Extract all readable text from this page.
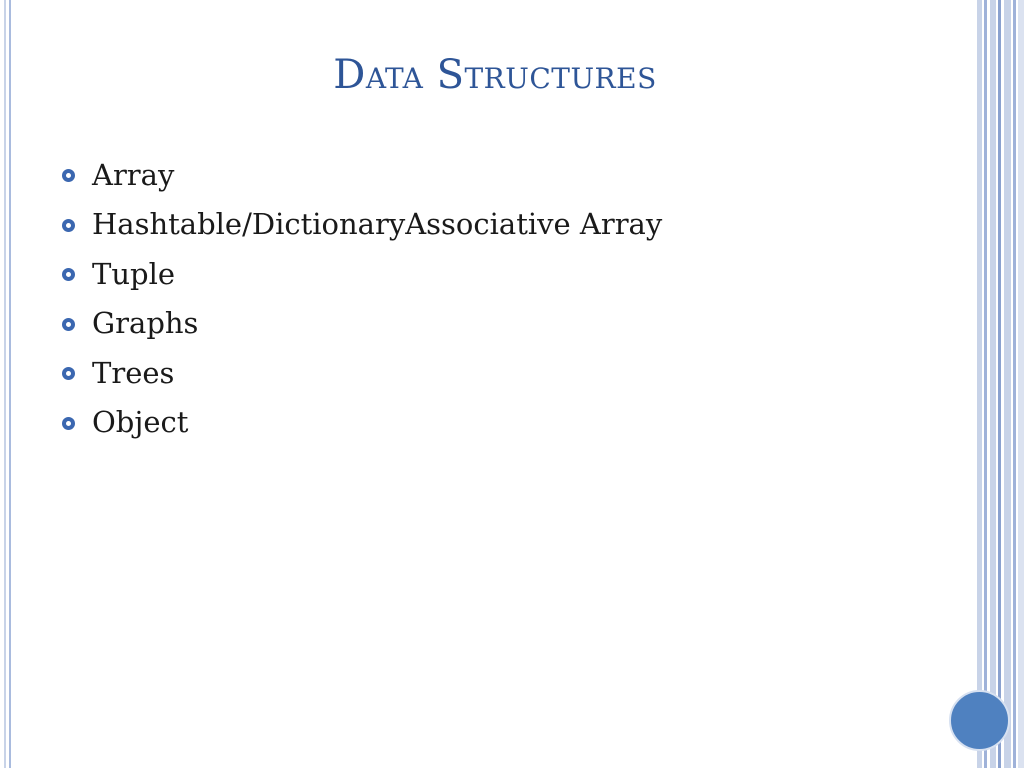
Data Structures
Array
Hashtable/DictionaryAssociative Array
Tuple
Graphs
Trees
Object
